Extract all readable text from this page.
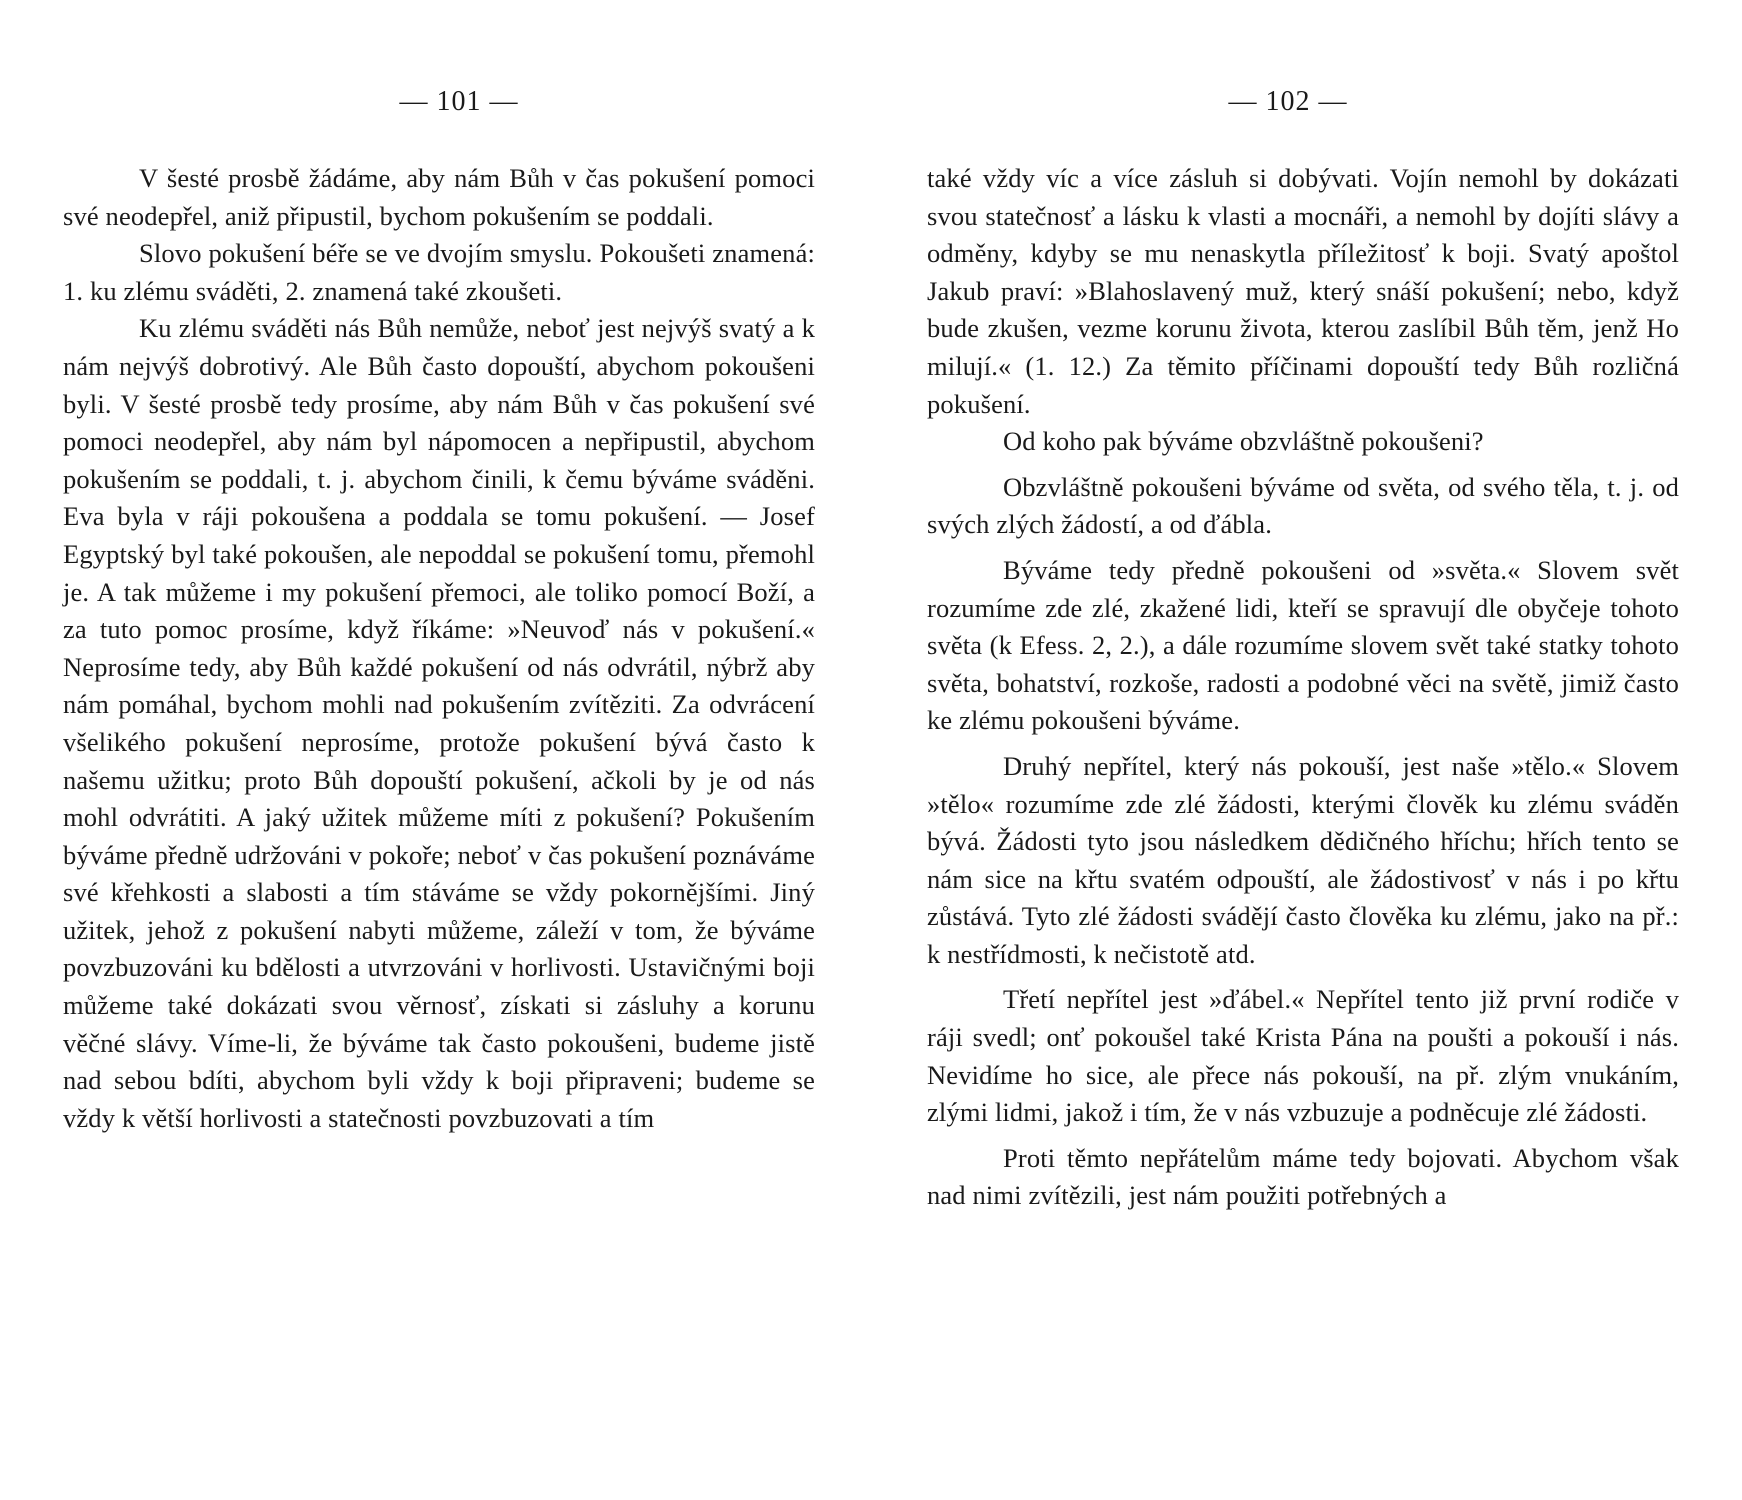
— 101 —

V šesté prosbě žádáme, aby nám Bůh v čas pokušení pomoci své neodepřel, aniž připustil, bychom pokušením se poddali.

Slovo pokušení béře se ve dvojím smyslu. Pokoušeti znamená: 1. ku zlému sváděti, 2. znamená také zkoušeti.

Ku zlému sváděti nás Bůh nemůže, neboť jest nejvýš svatý a k nám nejvýš dobrotivý. Ale Bůh často dopouští, abychom pokoušeni byli. V šesté prosbě tedy prosíme, aby nám Bůh v čas pokušení své pomoci neodepřel, aby nám byl nápomocen a nepřipustil, abychom pokušením se poddali, t. j. abychom činili, k čemu býváme sváděni. Eva byla v ráji pokoušena a poddala se tomu pokušení. — Josef Egyptský byl také pokoušen, ale nepoddal se pokušení tomu, přemohl je. A tak můžeme i my pokušení přemoci, ale toliko pomocí Boží, a za tuto pomoc prosíme, když říkáme: »Neuvoď nás v pokušení.« Neprosíme tedy, aby Bůh každé pokušení od nás odvrátil, nýbrž aby nám pomáhal, bychom mohli nad pokušením zvítěziti. Za odvrácení všelikého pokušení neprosíme, protože pokušení bývá často k našemu užitku; proto Bůh dopouští pokušení, ačkoli by je od nás mohl odvrátiti. A jaký užitek můžeme míti z pokušení? Pokušením býváme předně udržováni v pokoře; neboť v čas pokušení poznáváme své křehkosti a slabosti a tím stáváme se vždy pokornějšími. Jiný užitek, jehož z pokušení nabyti můžeme, záleží v tom, že býváme povzbuzováni ku bdělosti a utvrzováni v horlivosti. Ustavičnými boji můžeme také dokázati svou věrnosť, získati si zásluhy a korunu věčné slávy. Víme-li, že býváme tak často pokoušeni, budeme jistě nad sebou bdíti, abychom byli vždy k boji připraveni; budeme se vždy k větší horlivosti a statečnosti povzbuzovati a tím

— 102 —

také vždy víc a více zásluh si dobývati. Vojín nemohl by dokázati svou statečnosť a lásku k vlasti a mocnáři, a nemohl by dojíti slávy a odměny, kdyby se mu nenaskytla příležitosť k boji. Svatý apoštol Jakub praví: »Blahoslavený muž, který snáší pokušení; nebo, když bude zkušen, vezme korunu života, kterou zaslíbil Bůh těm, jenž Ho milují.« (1. 12.) Za těmito příčinami dopouští tedy Bůh rozličná pokušení.

Od koho pak býváme obzvláštně pokoušeni?

Obzvláštně pokoušeni býváme od světa, od svého těla, t. j. od svých zlých žádostí, a od ďábla.

Býváme tedy předně pokoušeni od »světa.« Slovem svět rozumíme zde zlé, zkažené lidi, kteří se spravují dle obyčeje tohoto světa (k Efess. 2, 2.), a dále rozumíme slovem svět také statky tohoto světa, bohatství, rozkoše, radosti a podobné věci na světě, jimiž často ke zlému pokoušeni býváme.

Druhý nepřítel, který nás pokouší, jest naše »tělo.« Slovem »tělo« rozumíme zde zlé žádosti, kterými člověk ku zlému sváděn bývá. Žádosti tyto jsou následkem dědičného hříchu; hřích tento se nám sice na křtu svatém odpouští, ale žádostivosť v nás i po křtu zůstává. Tyto zlé žádosti svádějí často člověka ku zlému, jako na př.: k nestřídmosti, k nečistotě atd.

Třetí nepřítel jest »ďábel.« Nepřítel tento již první rodiče v ráji svedl; onť pokoušel také Krista Pána na poušti a pokouší i nás. Nevidíme ho sice, ale přece nás pokouší, na př. zlým vnukáním, zlými lidmi, jakož i tím, že v nás vzbuzuje a podněcuje zlé žádosti.

Proti těmto nepřátelům máme tedy bojovati. Abychom však nad nimi zvítězili, jest nám použiti potřebných a
